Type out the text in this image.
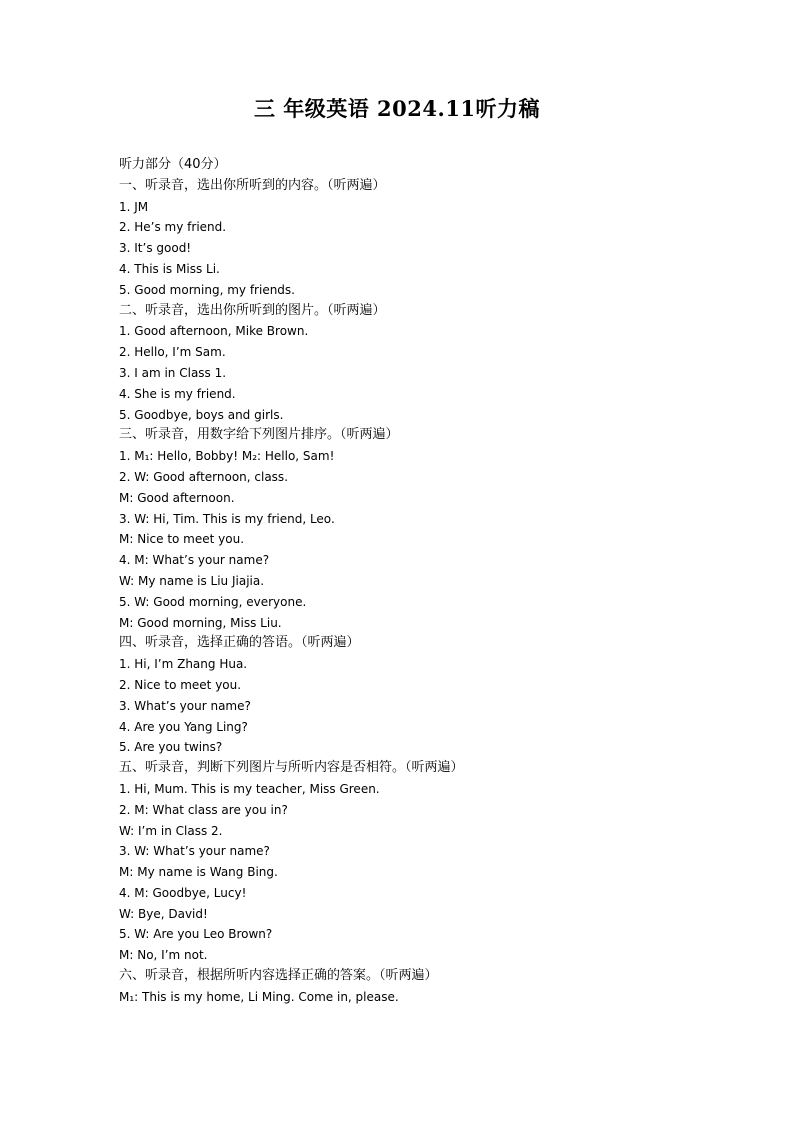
三 年级英语 2024.11听力稿
听力部分（40分）
一、听录音，选出你所听到的内容。（听两遍）
1. JM
2. He’s my friend.
3. It’s good!
4. This is Miss Li.
5. Good morning, my friends.
二、听录音，选出你所听到的图片。（听两遍）
1. Good afternoon, Mike Brown.
2. Hello, I’m Sam.
3. I am in Class 1.
4. She is my friend.
5. Goodbye, boys and girls.
三、听录音，用数字给下列图片排序。（听两遍）
1. M₁: Hello, Bobby! M₂: Hello, Sam!
2. W: Good afternoon, class.
M: Good afternoon.
3. W: Hi, Tim. This is my friend, Leo.
M: Nice to meet you.
4. M: What’s your name?
W: My name is Liu Jiajia.
5. W: Good morning, everyone.
M: Good morning, Miss Liu.
四、听录音，选择正确的答语。（听两遍）
1. Hi, I’m Zhang Hua.
2. Nice to meet you.
3. What’s your name?
4. Are you Yang Ling?
5. Are you twins?
五、听录音，判断下列图片与所听内容是否相符。（听两遍）
1. Hi, Mum. This is my teacher, Miss Green.
2. M: What class are you in?
W: I’m in Class 2.
3. W: What’s your name?
M: My name is Wang Bing.
4. M: Goodbye, Lucy!
W: Bye, David!
5. W: Are you Leo Brown?
M: No, I’m not.
六、听录音，根据所听内容选择正确的答案。（听两遍）
M₁: This is my home, Li Ming. Come in, please.
